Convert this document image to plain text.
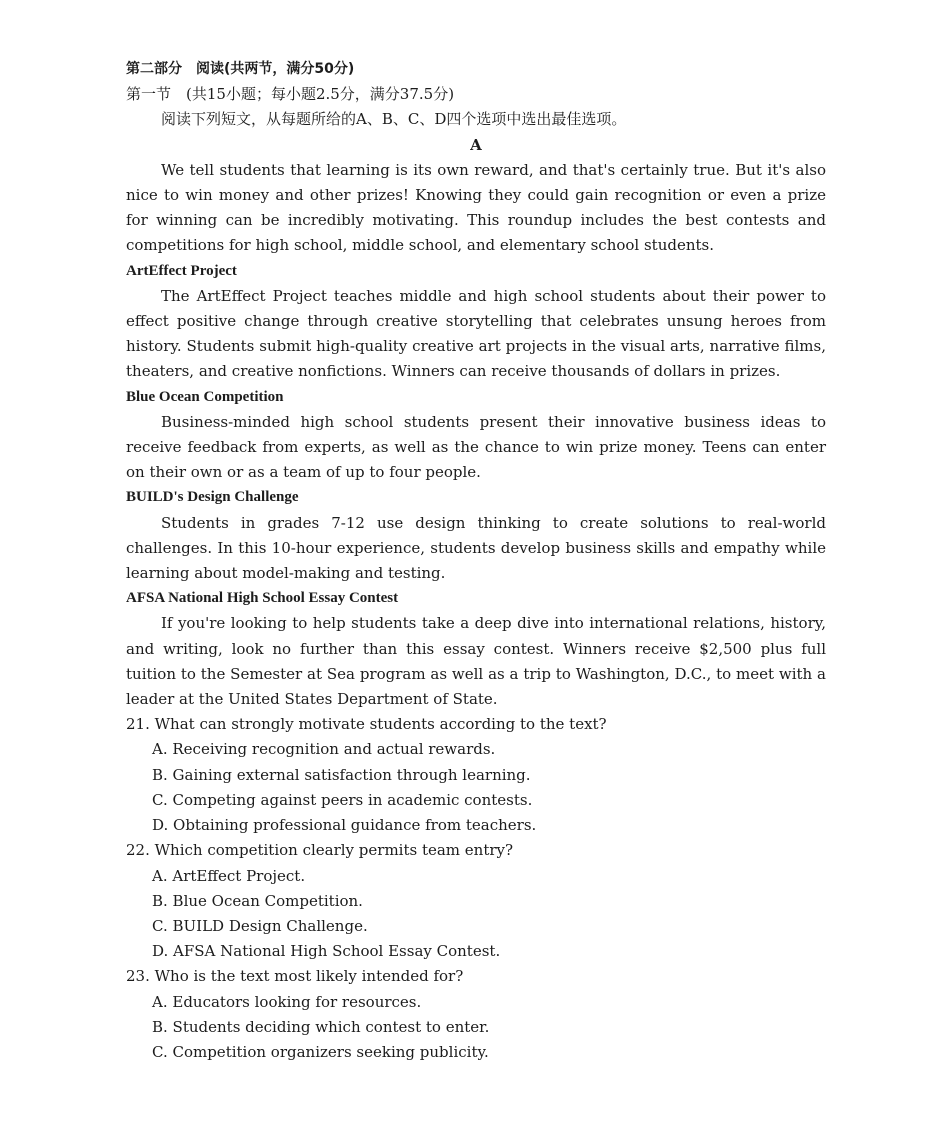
第二部分　阅读(共两节，满分50分)
第一节　(共15小题；每小题2.5分，满分37.5分)
阅读下列短文，从每题所给的A、B、C、D四个选项中选出最佳选项。
A
We tell students that learning is its own reward, and that's certainly true. But it's also nice to win money and other prizes! Knowing they could gain recognition or even a prize for winning can be incredibly motivating. This roundup includes the best contests and competitions for high school, middle school, and elementary school students.
ArtEffect Project
The ArtEffect Project teaches middle and high school students about their power to effect positive change through creative storytelling that celebrates unsung heroes from history. Students submit high-quality creative art projects in the visual arts, narrative films, theaters, and creative nonfictions. Winners can receive thousands of dollars in prizes.
Blue Ocean Competition
Business-minded high school students present their innovative business ideas to receive feedback from experts, as well as the chance to win prize money. Teens can enter on their own or as a team of up to four people.
BUILD's Design Challenge
Students in grades 7-12 use design thinking to create solutions to real-world challenges. In this 10-hour experience, students develop business skills and empathy while learning about model-making and testing.
AFSA National High School Essay Contest
If you're looking to help students take a deep dive into international relations, history, and writing, look no further than this essay contest. Winners receive $2,500 plus full tuition to the Semester at Sea program as well as a trip to Washington, D.C., to meet with a leader at the United States Department of State.
21. What can strongly motivate students according to the text?
A. Receiving recognition and actual rewards.
B. Gaining external satisfaction through learning.
C. Competing against peers in academic contests.
D. Obtaining professional guidance from teachers.
22. Which competition clearly permits team entry?
A. ArtEffect Project.
B. Blue Ocean Competition.
C. BUILD Design Challenge.
D. AFSA National High School Essay Contest.
23. Who is the text most likely intended for?
A. Educators looking for resources.
B. Students deciding which contest to enter.
C. Competition organizers seeking publicity.
